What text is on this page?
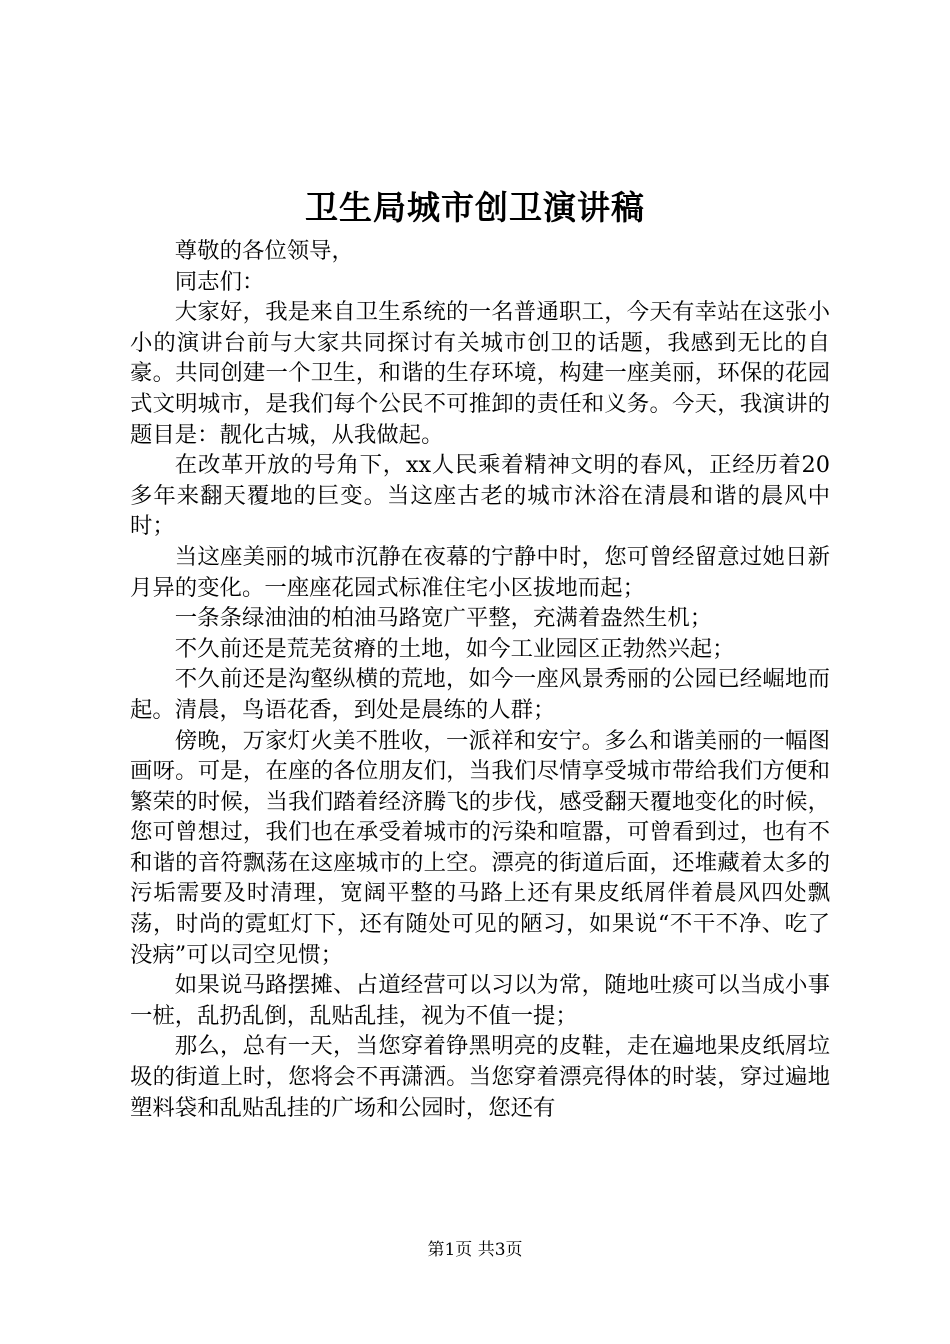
卫生局城市创卫演讲稿

尊敬的各位领导，

同志们：

大家好，我是来自卫生系统的一名普通职工，今天有幸站在这张小小的演讲台前与大家共同探讨有关城市创卫的话题，我感到无比的自豪。共同创建一个卫生，和谐的生存环境，构建一座美丽，环保的花园式文明城市，是我们每个公民不可推卸的责任和义务。今天，我演讲的题目是：靓化古城，从我做起。

在改革开放的号角下，xx人民乘着精神文明的春风，正经历着20多年来翻天覆地的巨变。当这座古老的城市沐浴在清晨和谐的晨风中时；

当这座美丽的城市沉静在夜幕的宁静中时，您可曾经留意过她日新月异的变化。一座座花园式标准住宅小区拔地而起；

一条条绿油油的柏油马路宽广平整，充满着盎然生机；

不久前还是荒芜贫瘠的土地，如今工业园区正勃然兴起；

不久前还是沟壑纵横的荒地，如今一座风景秀丽的公园已经崛地而起。清晨，鸟语花香，到处是晨练的人群；

傍晚，万家灯火美不胜收，一派祥和安宁。多么和谐美丽的一幅图画呀。可是，在座的各位朋友们，当我们尽情享受城市带给我们方便和繁荣的时候，当我们踏着经济腾飞的步伐，感受翻天覆地变化的时候，您可曾想过，我们也在承受着城市的污染和喧嚣，可曾看到过，也有不和谐的音符飘荡在这座城市的上空。漂亮的街道后面，还堆藏着太多的污垢需要及时清理，宽阔平整的马路上还有果皮纸屑伴着晨风四处飘荡，时尚的霓虹灯下，还有随处可见的陋习，如果说“不干不净、吃了没病”可以司空见惯；

如果说马路摆摊、占道经营可以习以为常，随地吐痰可以当成小事一桩，乱扔乱倒，乱贴乱挂，视为不值一提；

那么，总有一天，当您穿着铮黑明亮的皮鞋，走在遍地果皮纸屑垃圾的街道上时，您将会不再潇洒。当您穿着漂亮得体的时装，穿过遍地塑料袋和乱贴乱挂的广场和公园时，您还有

第1页 共3页
